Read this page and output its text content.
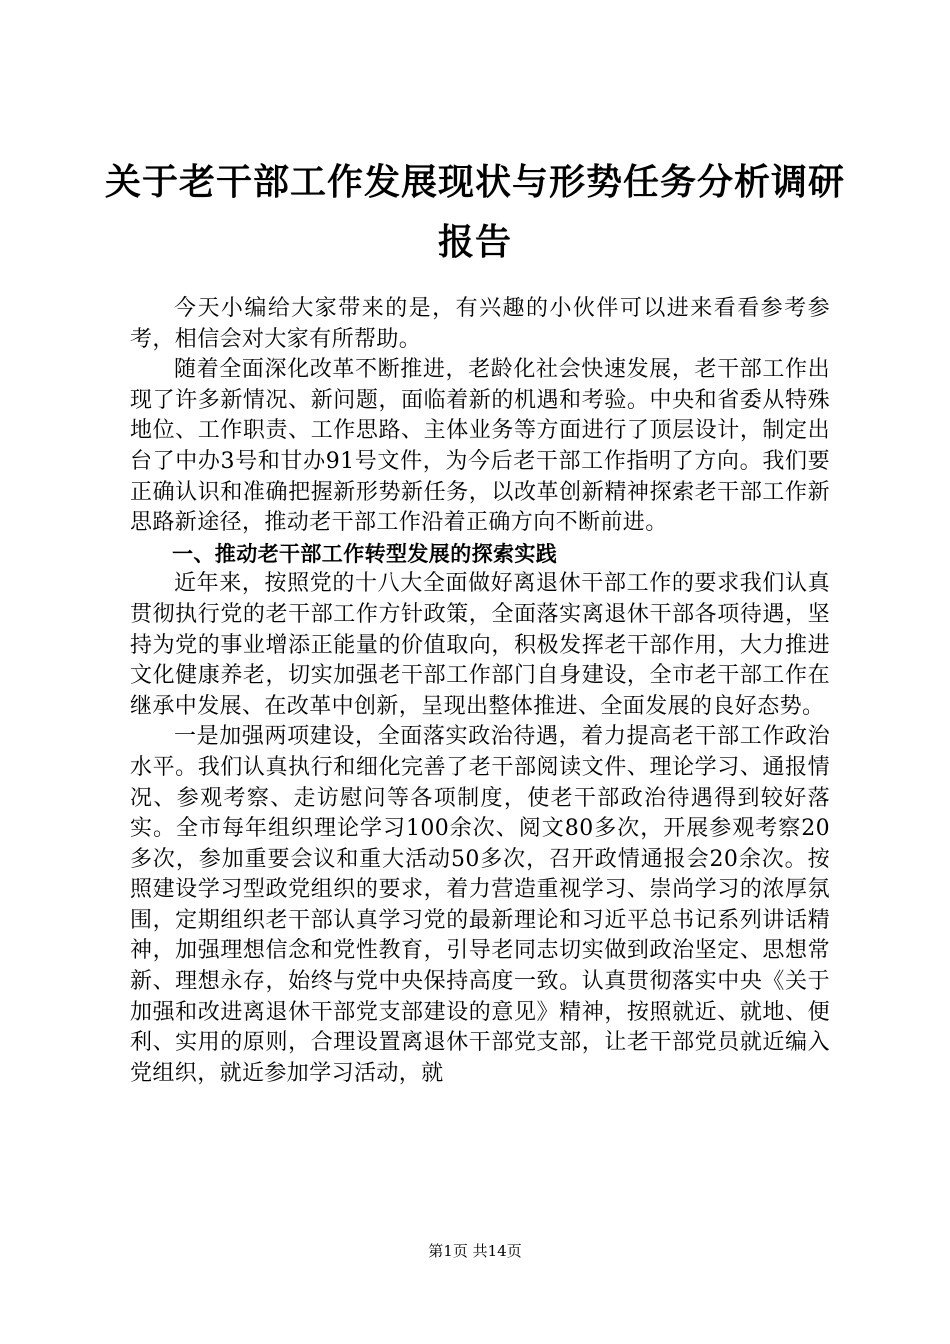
关于老干部工作发展现状与形势任务分析调研
报告

今天小编给大家带来的是，有兴趣的小伙伴可以进来看看参考参考，相信会对大家有所帮助。

随着全面深化改革不断推进，老龄化社会快速发展，老干部工作出现了许多新情况、新问题，面临着新的机遇和考验。中央和省委从特殊地位、工作职责、工作思路、主体业务等方面进行了顶层设计，制定出台了中办3号和甘办91号文件，为今后老干部工作指明了方向。我们要正确认识和准确把握新形势新任务，以改革创新精神探索老干部工作新思路新途径，推动老干部工作沿着正确方向不断前进。

一、推动老干部工作转型发展的探索实践

近年来，按照党的十八大全面做好离退休干部工作的要求我们认真贯彻执行党的老干部工作方针政策，全面落实离退休干部各项待遇，坚持为党的事业增添正能量的价值取向，积极发挥老干部作用，大力推进文化健康养老，切实加强老干部工作部门自身建设，全市老干部工作在继承中发展、在改革中创新，呈现出整体推进、全面发展的良好态势。

一是加强两项建设，全面落实政治待遇，着力提高老干部工作政治水平。我们认真执行和细化完善了老干部阅读文件、理论学习、通报情况、参观考察、走访慰问等各项制度，使老干部政治待遇得到较好落实。全市每年组织理论学习100余次、阅文80多次，开展参观考察20多次，参加重要会议和重大活动50多次，召开政情通报会20余次。按照建设学习型政党组织的要求，着力营造重视学习、崇尚学习的浓厚氛围，定期组织老干部认真学习党的最新理论和习近平总书记系列讲话精神，加强理想信念和党性教育，引导老同志切实做到政治坚定、思想常新、理想永存，始终与党中央保持高度一致。认真贯彻落实中央《关于加强和改进离退休干部党支部建设的意见》精神，按照就近、就地、便利、实用的原则，合理设置离退休干部党支部，让老干部党员就近编入党组织，就近参加学习活动，就

第1页 共14页
